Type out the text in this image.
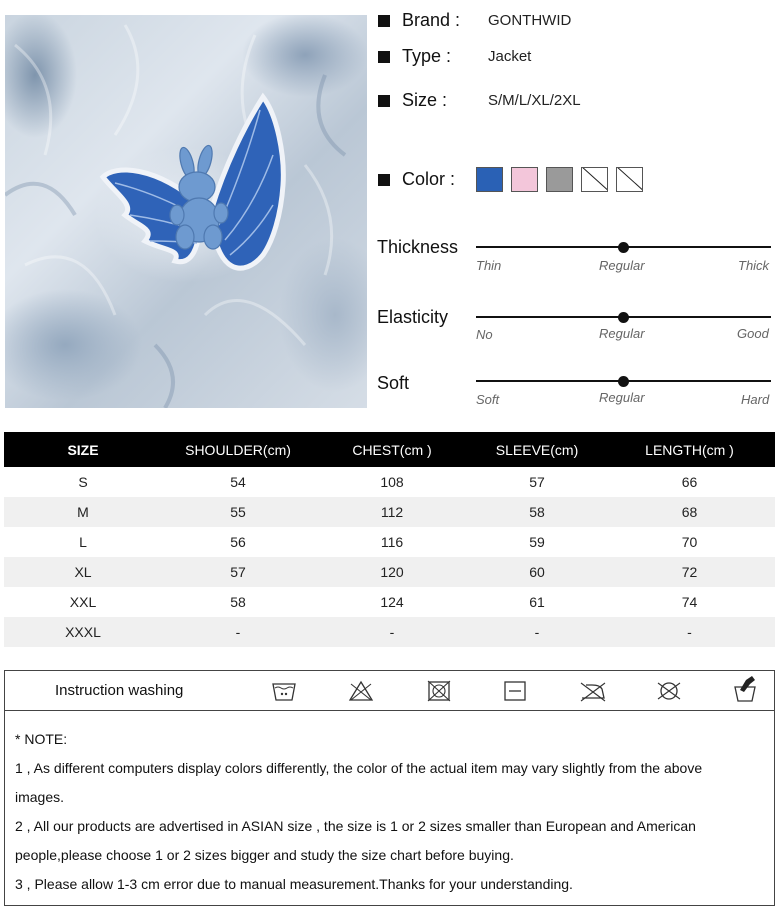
Brand :	GONTHWID
Type :	Jacket
Size :	S/M/L/XL/2XL
Color :
Thickness
Thin	Regular	Thick
Elasticity
No	Regular	Good
Soft
Soft	Regular	Hard
SIZE	SHOULDER(cm)	CHEST(cm )	SLEEVE(cm)	LENGTH(cm )
S	54	108	57	66
M	55	112	58	68
L	56	116	59	70
XL	57	120	60	72
XXL	58	124	61	74
XXXL	-	-	-	-
Instruction washing
* NOTE:
1 , As different computers display colors differently, the color of the actual item may vary slightly from the above
images.
2 , All our products are advertised in ASIAN size , the size is 1 or 2 sizes smaller than European and American
people,please choose 1 or 2 sizes bigger and study the size chart before buying.
3 , Please allow 1-3 cm error due to manual measurement.Thanks for your understanding.
